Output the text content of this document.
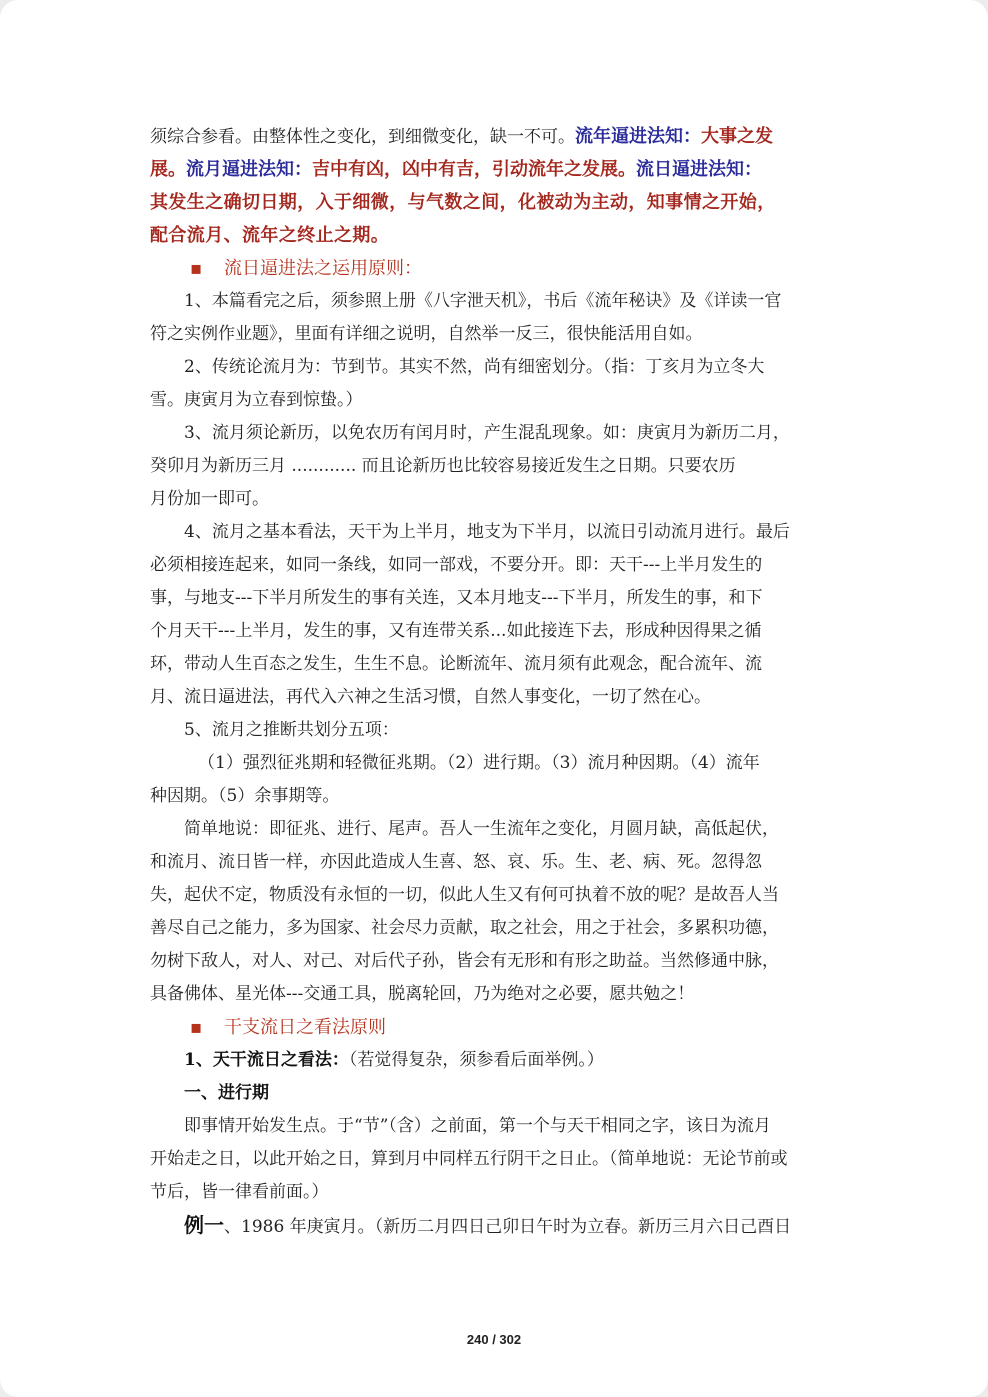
须综合参看。由整体性之变化，到细微变化，缺一不可。流年逼进法知：大事之发
展。流月逼进法知：吉中有凶，凶中有吉，引动流年之发展。流日逼进法知：
其发生之确切日期，入于细微，与气数之间，化被动为主动，知事情之开始，
配合流月、流年之终止之期。
▪ 流日逼进法之运用原则：
1、本篇看完之后，须参照上册《八字泄天机》，书后《流年秘诀》及《详读一官
符之实例作业题》，里面有详细之说明，自然举一反三，很快能活用自如。
2、传统论流月为：节到节。其实不然，尚有细密划分。（指：丁亥月为立冬大
雪。庚寅月为立春到惊蛰。）
3、流月须论新历，以免农历有闰月时，产生混乱现象。如：庚寅月为新历二月，
癸卯月为新历三月 ............ 而且论新历也比较容易接近发生之日期。只要农历
月份加一即可。
4、流月之基本看法，天干为上半月，地支为下半月，以流日引动流月进行。最后
必须相接连起来，如同一条线，如同一部戏，不要分开。即：天干---上半月发生的
事，与地支---下半月所发生的事有关连，又本月地支---下半月，所发生的事，和下
个月天干---上半月，发生的事，又有连带关系...如此接连下去，形成种因得果之循
环，带动人生百态之发生，生生不息。论断流年、流月须有此观念，配合流年、流
月、流日逼进法，再代入六神之生活习惯，自然人事变化，一切了然在心。
5、流月之推断共划分五项：
（1）强烈征兆期和轻微征兆期。（2）进行期。（3）流月种因期。（4）流年
种因期。（5）余事期等。
简单地说：即征兆、进行、尾声。吾人一生流年之变化，月圆月缺，高低起伏，
和流月、流日皆一样，亦因此造成人生喜、怒、哀、乐。生、老、病、死。忽得忽
失，起伏不定，物质没有永恒的一切，似此人生又有何可执着不放的呢？是故吾人当
善尽自己之能力，多为国家、社会尽力贡献，取之社会，用之于社会，多累积功德，
勿树下敌人，对人、对己、对后代子孙，皆会有无形和有形之助益。当然修通中脉，
具备佛体、星光体---交通工具，脱离轮回，乃为绝对之必要，愿共勉之！
▪ 干支流日之看法原则
1、天干流日之看法：（若觉得复杂，须参看后面举例。）
一、进行期
即事情开始发生点。于“节”（含）之前面，第一个与天干相同之字，该日为流月
开始走之日，以此开始之日，算到月中同样五行阴干之日止。（简单地说：无论节前或
节后，皆一律看前面。）
例一、1986 年庚寅月。（新历二月四日己卯日午时为立春。新历三月六日己酉日
240 / 302
